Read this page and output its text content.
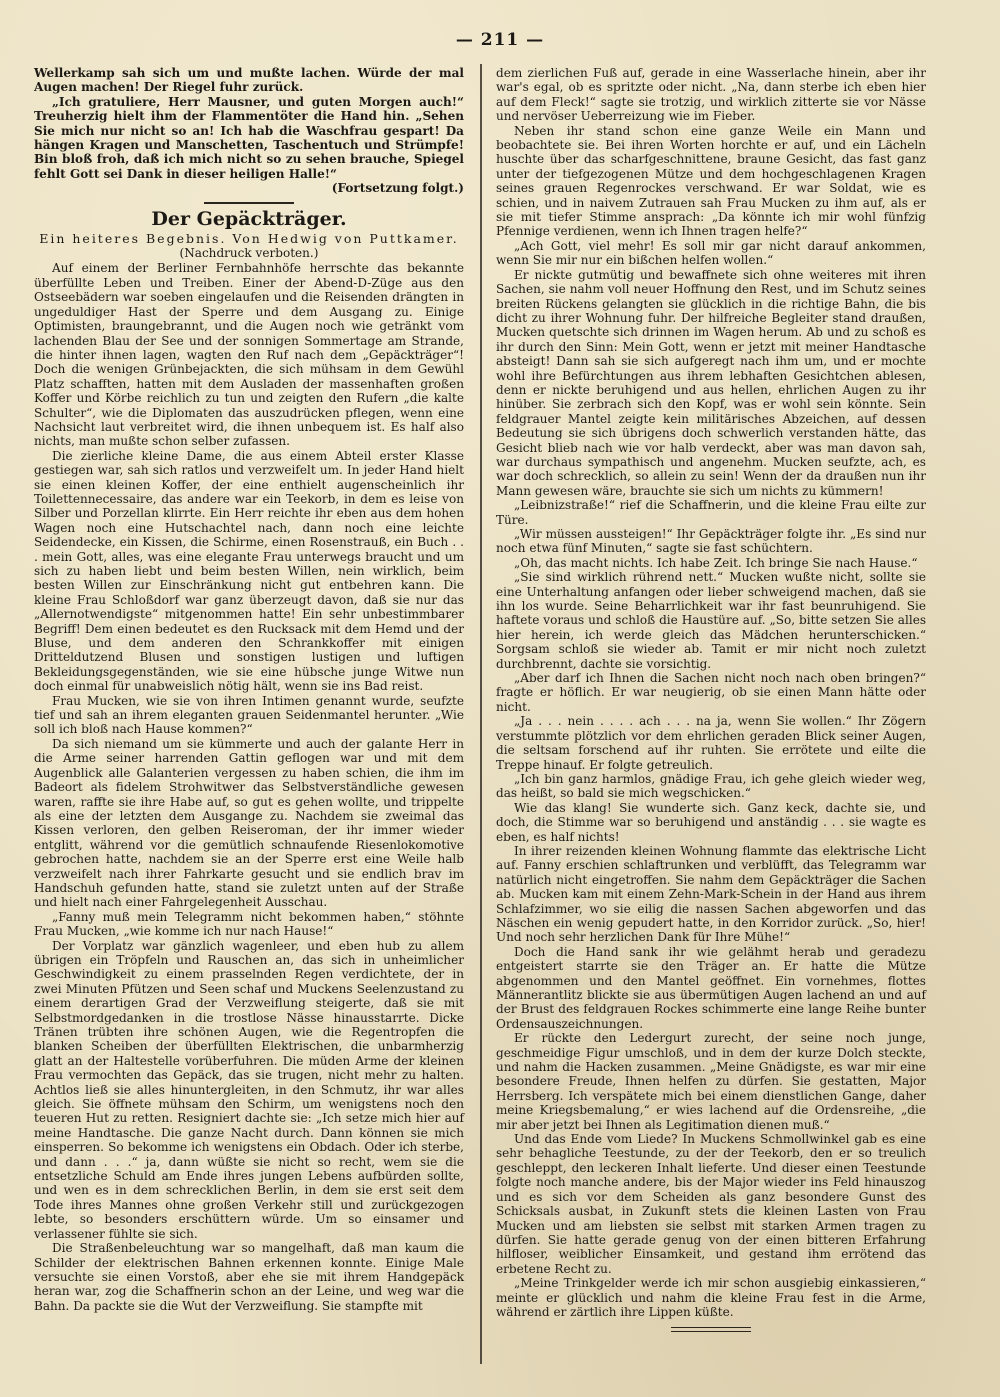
— 211 —

Wellerkamp sah sich um und mußte lachen. Würde der mal Augen machen! Der Riegel fuhr zurück.

„Ich gratuliere, Herr Mausner, und guten Morgen auch!“ Treuherzig hielt ihm der Flammentöter die Hand hin. „Sehen Sie mich nur nicht so an! Ich hab die Waschfrau gespart! Da hängen Kragen und Manschetten, Taschentuch und Strümpfe! Bin bloß froh, daß ich mich nicht so zu sehen brauche, Spiegel fehlt Gott sei Dank in dieser heiligen Halle!“

(Fortsetzung folgt.)
Der Gepäckträger.
Ein heiteres Begebnis. Von Hedwig von Puttkamer.
(Nachdruck verboten.)

Auf einem der Berliner Fernbahnhöfe herrschte das bekannte überfüllte Leben und Treiben. Einer der Abend-D-Züge aus den Ostseebädern war soeben eingelaufen und die Reisenden drängten in ungeduldiger Hast der Sperre und dem Ausgang zu. Einige Optimisten, braungebrannt, und die Augen noch wie getränkt vom lachenden Blau der See und der sonnigen Sommertage am Strande, die hinter ihnen lagen, wagten den Ruf nach dem „Gepäckträger“! Doch die wenigen Grünbejackten, die sich mühsam in dem Gewühl Platz schafften, hatten mit dem Ausladen der massenhaften großen Koffer und Körbe reichlich zu tun und zeigten den Rufern „die kalte Schulter“, wie die Diplomaten das auszudrücken pflegen, wenn eine Nachsicht laut verbreitet wird, die ihnen unbequem ist. Es half also nichts, man mußte schon selber zufassen.

Die zierliche kleine Dame, die aus einem Abteil erster Klasse gestiegen war, sah sich ratlos und verzweifelt um. In jeder Hand hielt sie einen kleinen Koffer, der eine enthielt augenscheinlich ihr Toilettennecessaire, das andere war ein Teekorb, in dem es leise von Silber und Porzellan klirrte. Ein Herr reichte ihr eben aus dem hohen Wagen noch eine Hutschachtel nach, dann noch eine leichte Seidendecke, ein Kissen, die Schirme, einen Rosenstrauß, ein Buch . . . mein Gott, alles, was eine elegante Frau unterwegs braucht und um sich zu haben liebt und beim besten Willen, nein wirklich, beim besten Willen zur Einschränkung nicht gut entbehren kann. Die kleine Frau Schloßdorf war ganz überzeugt davon, daß sie nur das „Allernotwendigste“ mitgenommen hatte! Ein sehr unbestimmbarer Begriff! Dem einen bedeutet es den Rucksack mit dem Hemd und der Bluse, und dem anderen den Schrankkoffer mit einigen Dritteldutzend Blusen und sonstigen lustigen und luftigen Bekleidungsgegenständen, wie sie eine hübsche junge Witwe nun doch einmal für unabweislich nötig hält, wenn sie ins Bad reist.

Frau Mucken, wie sie von ihren Intimen genannt wurde, seufzte tief und sah an ihrem eleganten grauen Seidenmantel herunter. „Wie soll ich bloß nach Hause kommen?“

Da sich niemand um sie kümmerte und auch der galante Herr in die Arme seiner harrenden Gattin geflogen war und mit dem Augenblick alle Galanterien vergessen zu haben schien, die ihm im Badeort als fidelem Strohwitwer das Selbstverständliche gewesen waren, raffte sie ihre Habe auf, so gut es gehen wollte, und trippelte als eine der letzten dem Ausgange zu. Nachdem sie zweimal das Kissen verloren, den gelben Reiseroman, der ihr immer wieder entglitt, während vor die gemütlich schnaufende Riesenlokomotive gebrochen hatte, nachdem sie an der Sperre erst eine Weile halb verzweifelt nach ihrer Fahrkarte gesucht und sie endlich brav im Handschuh gefunden hatte, stand sie zuletzt unten auf der Straße und hielt nach einer Fahrgelegenheit Ausschau.

„Fanny muß mein Telegramm nicht bekommen haben,“ stöhnte Frau Mucken, „wie komme ich nur nach Hause!“

Der Vorplatz war gänzlich wagenleer, und eben hub zu allem übrigen ein Tröpfeln und Rauschen an, das sich in unheimlicher Geschwindigkeit zu einem prasselnden Regen verdichtete, der in zwei Minuten Pfützen und Seen schaf und Muckens Seelenzustand zu einem derartigen Grad der Verzweiflung steigerte, daß sie mit Selbstmordgedanken in die trostlose Nässe hinausstarrte. Dicke Tränen trübten ihre schönen Augen, wie die Regentropfen die blanken Scheiben der überfüllten Elektrischen, die unbarmherzig glatt an der Haltestelle vorüberfuhren. Die müden Arme der kleinen Frau vermochten das Gepäck, das sie trugen, nicht mehr zu halten. Achtlos ließ sie alles hinuntergleiten, in den Schmutz, ihr war alles gleich. Sie öffnete mühsam den Schirm, um wenigstens noch den teueren Hut zu retten. Resigniert dachte sie: „Ich setze mich hier auf meine Handtasche. Die ganze Nacht durch. Dann können sie mich einsperren. So bekomme ich wenigstens ein Obdach. Oder ich sterbe, und dann . . .“ ja, dann wüßte sie nicht so recht, wem sie die entsetzliche Schuld am Ende ihres jungen Lebens aufbürden sollte, und wen es in dem schrecklichen Berlin, in dem sie erst seit dem Tode ihres Mannes ohne großen Verkehr still und zurückgezogen lebte, so besonders erschüttern würde. Um so einsamer und verlassener fühlte sie sich.

Die Straßenbeleuchtung war so mangelhaft, daß man kaum die Schilder der elektrischen Bahnen erkennen konnte. Einige Male versuchte sie einen Vorstoß, aber ehe sie mit ihrem Handgepäck heran war, zog die Schaffnerin schon an der Leine, und weg war die Bahn. Da packte sie die Wut der Verzweiflung. Sie stampfte mit

dem zierlichen Fuß auf, gerade in eine Wasserlache hinein, aber ihr war's egal, ob es spritzte oder nicht. „Na, dann sterbe ich eben hier auf dem Fleck!“ sagte sie trotzig, und wirklich zitterte sie vor Nässe und nervöser Ueberreizung wie im Fieber.

Neben ihr stand schon eine ganze Weile ein Mann und beobachtete sie. Bei ihren Worten horchte er auf, und ein Lächeln huschte über das scharfgeschnittene, braune Gesicht, das fast ganz unter der tiefgezogenen Mütze und dem hochgeschlagenen Kragen seines grauen Regenrockes verschwand. Er war Soldat, wie es schien, und in naivem Zutrauen sah Frau Mucken zu ihm auf, als er sie mit tiefer Stimme ansprach: „Da könnte ich mir wohl fünfzig Pfennige verdienen, wenn ich Ihnen tragen helfe?“

„Ach Gott, viel mehr! Es soll mir gar nicht darauf ankommen, wenn Sie mir nur ein bißchen helfen wollen.“

Er nickte gutmütig und bewaffnete sich ohne weiteres mit ihren Sachen, sie nahm voll neuer Hoffnung den Rest, und im Schutz seines breiten Rückens gelangten sie glücklich in die richtige Bahn, die bis dicht zu ihrer Wohnung fuhr. Der hilfreiche Begleiter stand draußen, Mucken quetschte sich drinnen im Wagen herum. Ab und zu schoß es ihr durch den Sinn: Mein Gott, wenn er jetzt mit meiner Handtasche absteigt! Dann sah sie sich aufgeregt nach ihm um, und er mochte wohl ihre Befürchtungen aus ihrem lebhaften Gesichtchen ablesen, denn er nickte beruhigend und aus hellen, ehrlichen Augen zu ihr hinüber. Sie zerbrach sich den Kopf, was er wohl sein könnte. Sein feldgrauer Mantel zeigte kein militärisches Abzeichen, auf dessen Bedeutung sie sich übrigens doch schwerlich verstanden hätte, das Gesicht blieb nach wie vor halb verdeckt, aber was man davon sah, war durchaus sympathisch und angenehm. Mucken seufzte, ach, es war doch schrecklich, so allein zu sein! Wenn der da draußen nun ihr Mann gewesen wäre, brauchte sie sich um nichts zu kümmern!

„Leibnizstraße!“ rief die Schaffnerin, und die kleine Frau eilte zur Türe.

„Wir müssen aussteigen!“ Ihr Gepäckträger folgte ihr. „Es sind nur noch etwa fünf Minuten,“ sagte sie fast schüchtern.

„Oh, das macht nichts. Ich habe Zeit. Ich bringe Sie nach Hause.“

„Sie sind wirklich rührend nett.“ Mucken wußte nicht, sollte sie eine Unterhaltung anfangen oder lieber schweigend machen, daß sie ihn los wurde. Seine Beharrlichkeit war ihr fast beunruhigend. Sie haftete voraus und schloß die Haustüre auf. „So, bitte setzen Sie alles hier herein, ich werde gleich das Mädchen herunterschicken.“ Sorgsam schloß sie wieder ab. Tamit er mir nicht noch zuletzt durchbrennt, dachte sie vorsichtig.

„Aber darf ich Ihnen die Sachen nicht noch nach oben bringen?“ fragte er höflich. Er war neugierig, ob sie einen Mann hätte oder nicht.

„Ja . . . nein . . . . ach . . . na ja, wenn Sie wollen.“ Ihr Zögern verstummte plötzlich vor dem ehrlichen geraden Blick seiner Augen, die seltsam forschend auf ihr ruhten. Sie errötete und eilte die Treppe hinauf. Er folgte getreulich.

„Ich bin ganz harmlos, gnädige Frau, ich gehe gleich wieder weg, das heißt, so bald sie mich wegschicken.“

Wie das klang! Sie wunderte sich. Ganz keck, dachte sie, und doch, die Stimme war so beruhigend und anständig . . . sie wagte es eben, es half nichts!

In ihrer reizenden kleinen Wohnung flammte das elektrische Licht auf. Fanny erschien schlaftrunken und verblüfft, das Telegramm war natürlich nicht eingetroffen. Sie nahm dem Gepäckträger die Sachen ab. Mucken kam mit einem Zehn-Mark-Schein in der Hand aus ihrem Schlafzimmer, wo sie eilig die nassen Sachen abgeworfen und das Näschen ein wenig gepudert hatte, in den Korridor zurück. „So, hier! Und noch sehr herzlichen Dank für Ihre Mühe!“

Doch die Hand sank ihr wie gelähmt herab und geradezu entgeistert starrte sie den Träger an. Er hatte die Mütze abgenommen und den Mantel geöffnet. Ein vornehmes, flottes Männerantlitz blickte sie aus übermütigen Augen lachend an und auf der Brust des feldgrauen Rockes schimmerte eine lange Reihe bunter Ordensauszeichnungen.

Er rückte den Ledergurt zurecht, der seine noch junge, geschmeidige Figur umschloß, und in dem der kurze Dolch steckte, und nahm die Hacken zusammen. „Meine Gnädigste, es war mir eine besondere Freude, Ihnen helfen zu dürfen. Sie gestatten, Major Herrsberg. Ich verspätete mich bei einem dienstlichen Gange, daher meine Kriegsbemalung,“ er wies lachend auf die Ordensreihe, „die mir aber jetzt bei Ihnen als Legitimation dienen muß.“

Und das Ende vom Liede? In Muckens Schmollwinkel gab es eine sehr behagliche Teestunde, zu der der Teekorb, den er so treulich geschleppt, den leckeren Inhalt lieferte. Und dieser einen Teestunde folgte noch manche andere, bis der Major wieder ins Feld hinauszog und es sich vor dem Scheiden als ganz besondere Gunst des Schicksals ausbat, in Zukunft stets die kleinen Lasten von Frau Mucken und am liebsten sie selbst mit starken Armen tragen zu dürfen. Sie hatte gerade genug von der einen bitteren Erfahrung hilfloser, weiblicher Einsamkeit, und gestand ihm errötend das erbetene Recht zu.

„Meine Trinkgelder werde ich mir schon ausgiebig einkassieren,“ meinte er glücklich und nahm die kleine Frau fest in die Arme, während er zärtlich ihre Lippen küßte.
